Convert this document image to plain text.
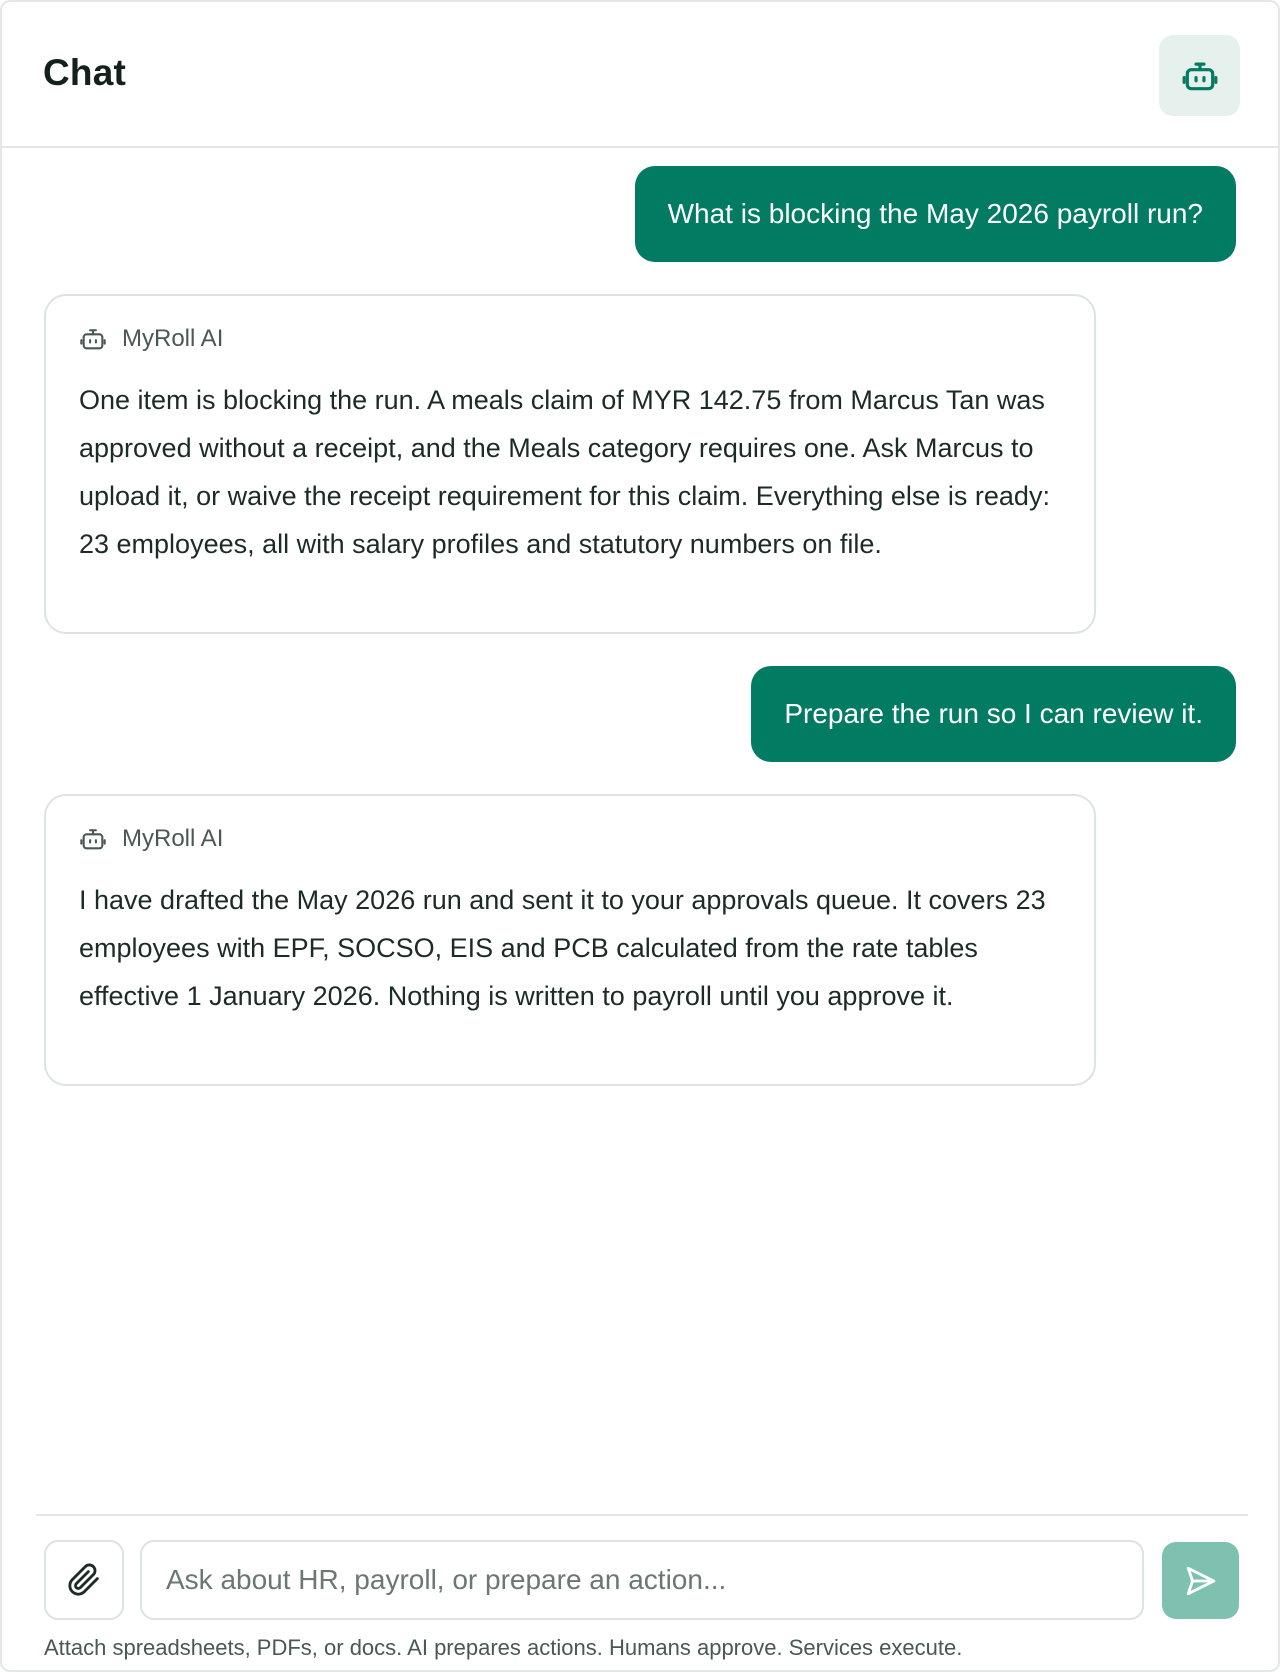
Chat
What is blocking the May 2026 payroll run?
MyRoll AI
One item is blocking the run. A meals claim of MYR 142.75 from Marcus Tan was approved without a receipt, and the Meals category requires one. Ask Marcus to upload it, or waive the receipt requirement for this claim. Everything else is ready: 23 employees, all with salary profiles and statutory numbers on file.
Prepare the run so I can review it.
MyRoll AI
I have drafted the May 2026 run and sent it to your approvals queue. It covers 23 employees with EPF, SOCSO, EIS and PCB calculated from the rate tables effective 1 January 2026. Nothing is written to payroll until you approve it.
Ask about HR, payroll, or prepare an action...
Attach spreadsheets, PDFs, or docs. AI prepares actions. Humans approve. Services execute.
